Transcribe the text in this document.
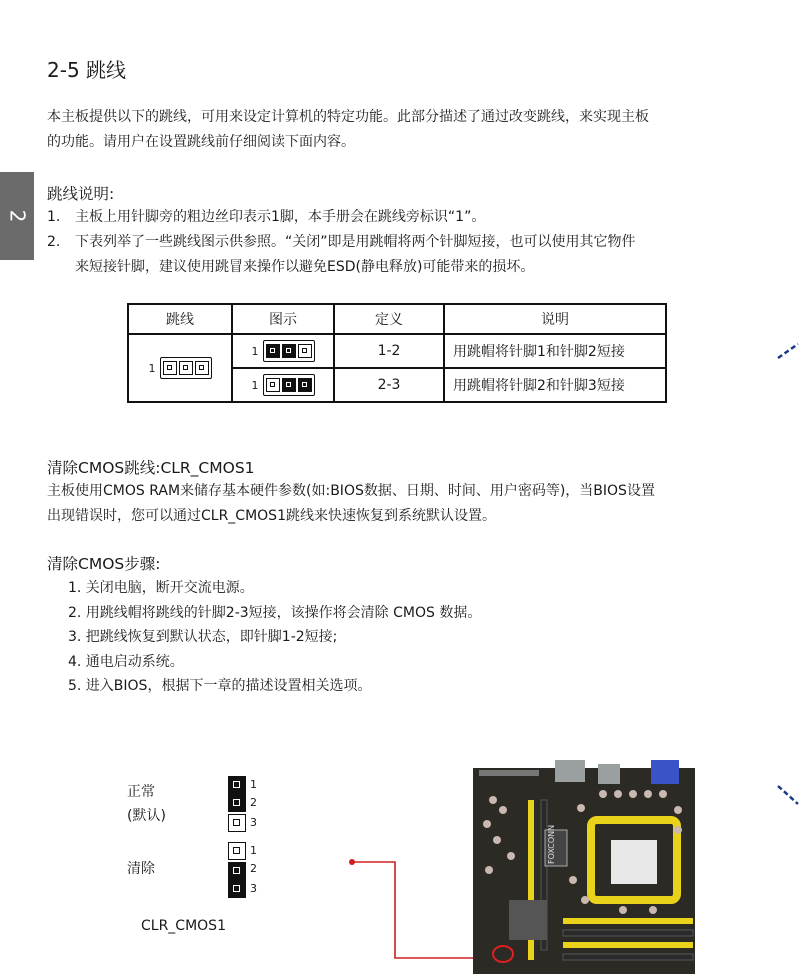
2-5 跳线
2
本主板提供以下的跳线，可用来设定计算机的特定功能。此部分描述了通过改变跳线，来实现主板
的功能。请用户在设置跳线前仔细阅读下面内容。
跳线说明:
1. 主板上用针脚旁的粗边丝印表示1脚，本手册会在跳线旁标识“1”。
2. 下表列举了一些跳线图示供参照。“关闭”即是用跳帽将两个针脚短接，也可以使用其它物件
来短接针脚，建议使用跳冒来操作以避免ESD(静电释放)可能带来的损坏。
跳线	图示	定义	说明
1	1	1-2	用跳帽将针脚1和针脚2短接
	1	2-3	用跳帽将针脚2和针脚3短接
清除CMOS跳线:CLR_CMOS1
主板使用CMOS RAM来储存基本硬件参数(如:BIOS数据、日期、时间、用户密码等)，当BIOS设置
出现错误时，您可以通过CLR_CMOS1跳线来快速恢复到系统默认设置。
清除CMOS步骤:
1. 关闭电脑，断开交流电源。
2. 用跳线帽将跳线的针脚2-3短接，该操作将会清除 CMOS 数据。
3. 把跳线恢复到默认状态，即针脚1-2短接;
4. 通电启动系统。
5. 进入BIOS，根据下一章的描述设置相关选项。
正常
(默认)
1
2
3
清除
1
2
3
CLR_CMOS1
FOXCONN
